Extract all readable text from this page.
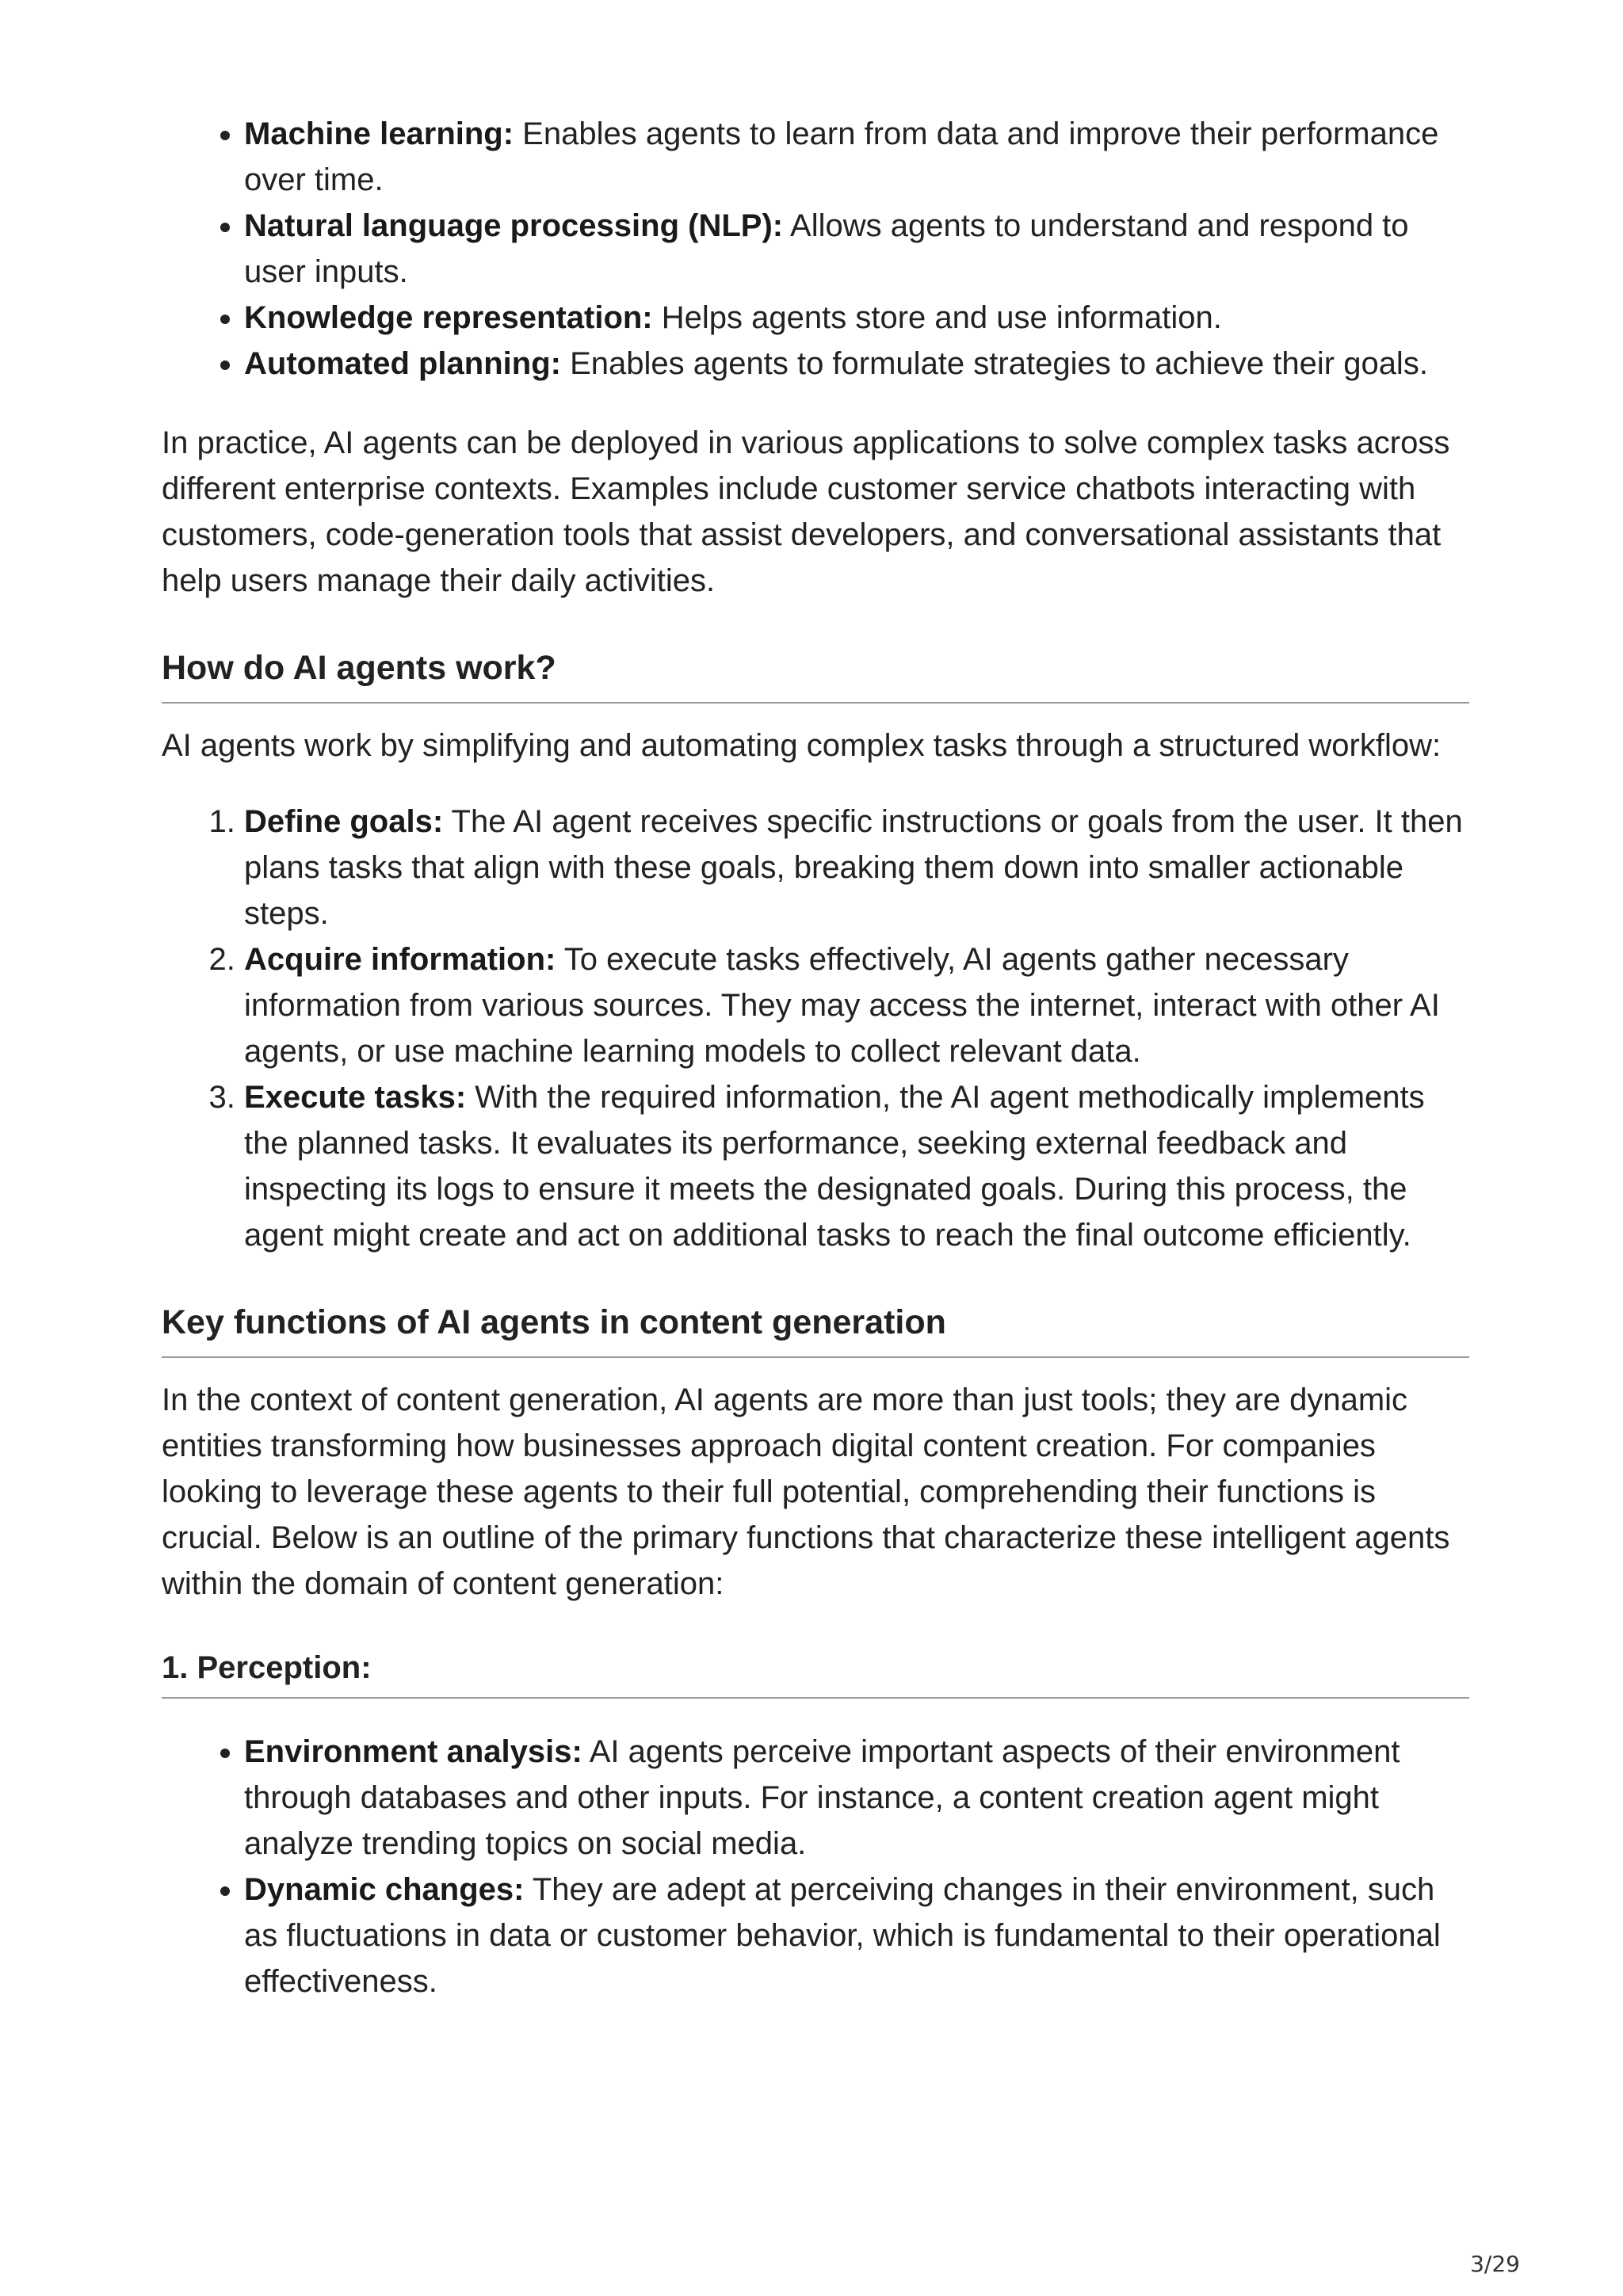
• Machine learning: Enables agents to learn from data and improve their performance over time.
• Natural language processing (NLP): Allows agents to understand and respond to user inputs.
• Knowledge representation: Helps agents store and use information.
• Automated planning: Enables agents to formulate strategies to achieve their goals.

In practice, AI agents can be deployed in various applications to solve complex tasks across different enterprise contexts. Examples include customer service chatbots interacting with customers, code-generation tools that assist developers, and conversational assistants that help users manage their daily activities.

How do AI agents work?

AI agents work by simplifying and automating complex tasks through a structured workflow:

1. Define goals: The AI agent receives specific instructions or goals from the user. It then plans tasks that align with these goals, breaking them down into smaller actionable steps.
2. Acquire information: To execute tasks effectively, AI agents gather necessary information from various sources. They may access the internet, interact with other AI agents, or use machine learning models to collect relevant data.
3. Execute tasks: With the required information, the AI agent methodically implements the planned tasks. It evaluates its performance, seeking external feedback and inspecting its logs to ensure it meets the designated goals. During this process, the agent might create and act on additional tasks to reach the final outcome efficiently.
Key functions of AI agents in content generation

In the context of content generation, AI agents are more than just tools; they are dynamic entities transforming how businesses approach digital content creation. For companies looking to leverage these agents to their full potential, comprehending their functions is crucial. Below is an outline of the primary functions that characterize these intelligent agents within the domain of content generation:

1. Perception:
• Environment analysis: AI agents perceive important aspects of their environment through databases and other inputs. For instance, a content creation agent might analyze trending topics on social media.
• Dynamic changes: They are adept at perceiving changes in their environment, such as fluctuations in data or customer behavior, which is fundamental to their operational effectiveness.
3/29
